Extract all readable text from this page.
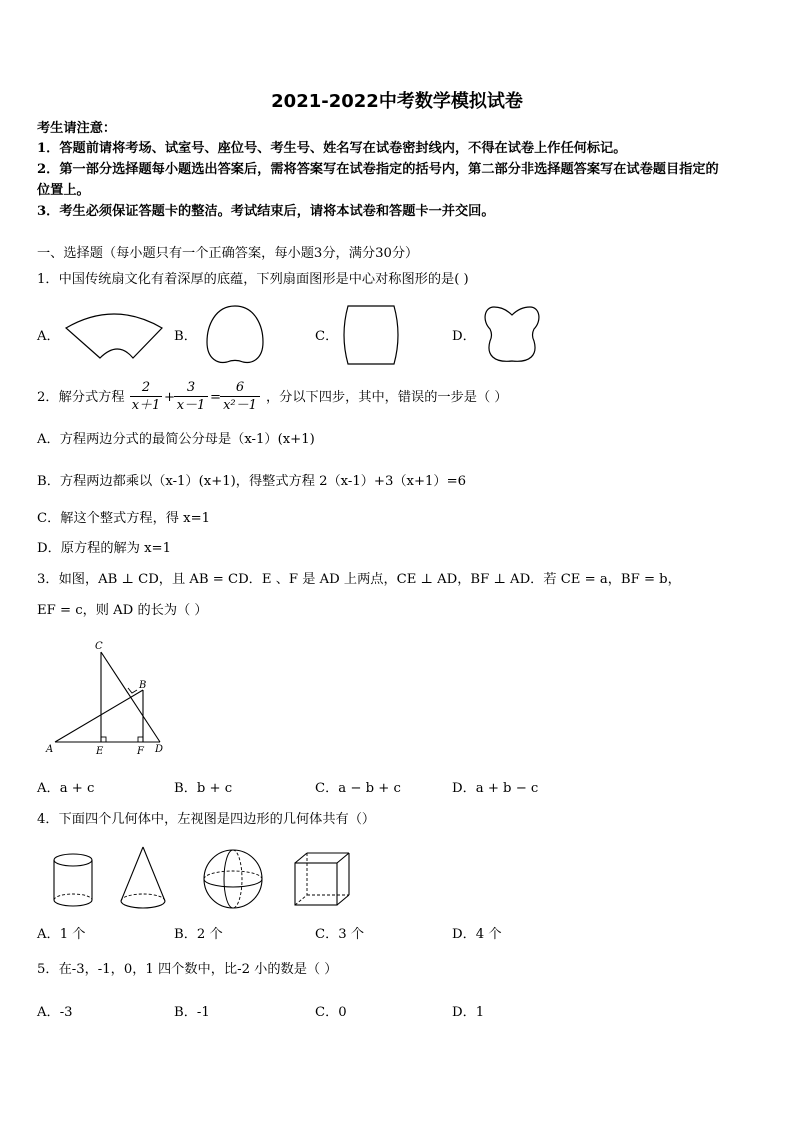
2021-2022中考数学模拟试卷
考生请注意：
1．答题前请将考场、试室号、座位号、考生号、姓名写在试卷密封线内，不得在试卷上作任何标记。
2．第一部分选择题每小题选出答案后，需将答案写在试卷指定的括号内，第二部分非选择题答案写在试卷题目指定的
位置上。
3．考生必须保证答题卡的整洁。考试结束后，请将本试卷和答题卡一并交回。
一、选择题（每小题只有一个正确答案，每小题3分，满分30分）
1．中国传统扇文化有着深厚的底蕴，下列扇面图形是中心对称图形的是( )
A．	B．	C．	D．
2．解分式方程
2
x＋1
+
3
x－1
=
6
x²－1
，分以下四步，其中，错误的一步是（ ）
A．方程两边分式的最简公分母是（x-1）(x+1)
B．方程两边都乘以（x-1）(x+1)，得整式方程 2（x-1）+3（x+1）=6
C．解这个整式方程，得 x=1
D．原方程的解为 x=1
3．如图，AB ⊥ CD，且 AB = CD．E 、F 是 AD 上两点，CE ⊥ AD，BF ⊥ AD．若 CE = a，BF = b，
EF = c，则 AD 的长为（ ）
C
B
A	E	F D
A．a + c	B．b + c	C．a − b + c	D．a + b − c
4．下面四个几何体中，左视图是四边形的几何体共有（）
A．1 个	B．2 个	C．3 个	D．4 个
5．在-3，-1，0，1 四个数中，比-2 小的数是（ ）
A．-3	B．-1	C．0	D．1
